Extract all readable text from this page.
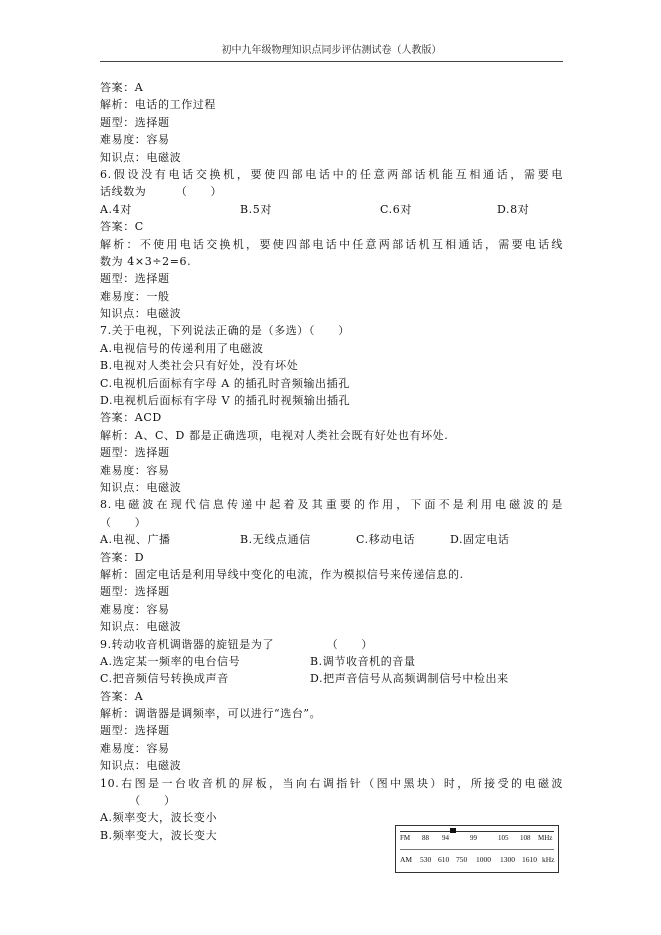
初中九年级物理知识点同步评估测试卷（人教版）
答案：A
解析：电话的工作过程
题型：选择题
难易度：容易
知识点：电磁波
6.假设没有电话交换机，要使四部电话中的任意两部话机能互相通话，需要电
话线数为　　　（　　）
A.4对	B.5对	C.6对	D.8对
答案：C
解析：不使用电话交换机，要使四部电话中任意两部话机互相通话，需要电话线
数为 4×3÷2=6.
题型：选择题
难易度：一般
知识点：电磁波
7.关于电视，下列说法正确的是（多选）（　　）
A.电视信号的传递利用了电磁波
B.电视对人类社会只有好处，没有坏处
C.电视机后面标有字母 A 的插孔时音频输出插孔
D.电视机后面标有字母 V 的插孔时视频输出插孔
答案：ACD
解析：A、C、D 都是正确选项，电视对人类社会既有好处也有坏处.
题型：选择题
难易度：容易
知识点：电磁波
8.电磁波在现代信息传递中起着及其重要的作用，下面不是利用电磁波的是
（　　）
A.电视、广播	B.无线点通信	C.移动电话	D.固定电话
答案：D
解析：固定电话是利用导线中变化的电流，作为模拟信号来传递信息的.
题型：选择题
难易度：容易
知识点：电磁波
9.转动收音机调谐器的旋钮是为了　　　　　（　　）
A.选定某一频率的电台信号	B.调节收音机的音量
C.把音频信号转换成声音	D.把声音信号从高频调制信号中检出来
答案：A
解析：调谐器是调频率，可以进行“选台”。
题型：选择题
难易度：容易
知识点：电磁波
10.右图是一台收音机的屏板，当向右调指针（图中黑块）时，所接受的电磁波
　　　（　　）
A.频率变大，波长变小
B.频率变大，波长变大	FM 88 94	99	105 108 MHz
AM 530 610 750 1000 1300 1610 kHz
